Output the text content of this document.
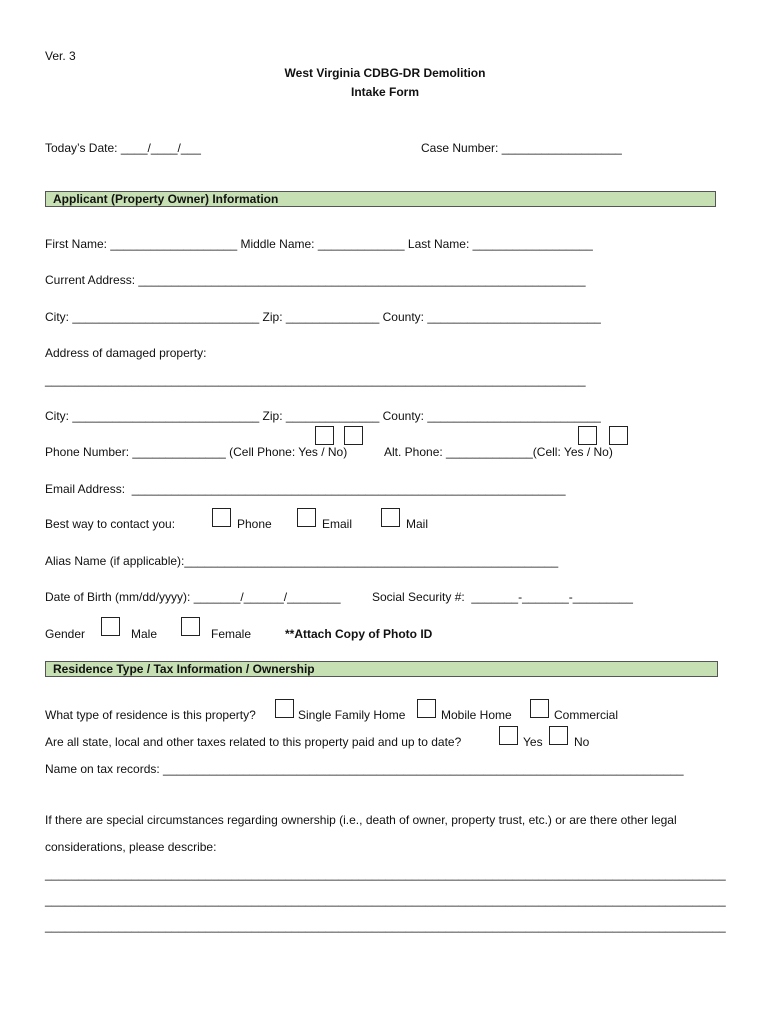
Ver. 3
West Virginia CDBG-DR Demolition
Intake Form
Today’s Date: ____/____/___	Case Number: __________________
Applicant (Property Owner) Information
First Name: ___________________ Middle Name: _____________ Last Name: __________________
Current Address: ___________________________________________________________________
City: ____________________________ Zip: ______________ County: __________________________
Address of damaged property:
_________________________________________________________________________________
City: ____________________________ Zip: ______________ County: __________________________
Phone Number: ______________ (Cell Phone: Yes / No)	Alt. Phone: _____________(Cell: Yes / No)
Email Address:  _________________________________________________________________
Best way to contact you:	Phone	Email	Mail
Alias Name (if applicable):________________________________________________________
Date of Birth (mm/dd/yyyy): _______/______/________	Social Security #:  _______-_______-_________
Gender	Male	Female	**Attach Copy of Photo ID
Residence Type / Tax Information / Ownership
What type of residence is this property?	Single Family Home	Mobile Home	Commercial
Are all state, local and other taxes related to this property paid and up to date?	Yes	No
Name on tax records: ______________________________________________________________________________
If there are special circumstances regarding ownership (i.e., death of owner, property trust, etc.) or are there other legal
considerations, please describe:
______________________________________________________________________________________________________
______________________________________________________________________________________________________
______________________________________________________________________________________________________
